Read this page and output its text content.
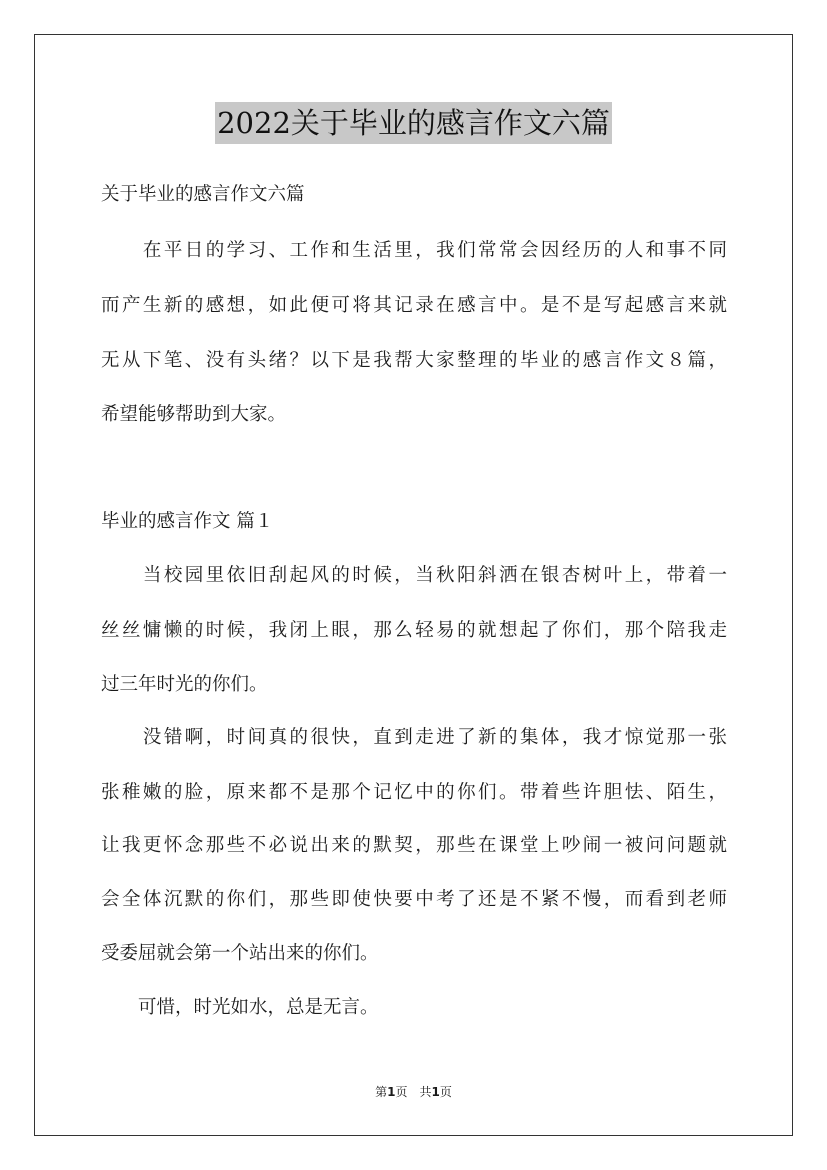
2022关于毕业的感言作文六篇
关于毕业的感言作文六篇
　　在平日的学习、工作和生活里，我们常常会因经历的人和事不同
而产生新的感想，如此便可将其记录在感言中。是不是写起感言来就
无从下笔、没有头绪？以下是我帮大家整理的毕业的感言作文８篇，
希望能够帮助到大家。
毕业的感言作文 篇１
　　当校园里依旧刮起风的时候，当秋阳斜洒在银杏树叶上，带着一
丝丝慵懒的时候，我闭上眼，那么轻易的就想起了你们，那个陪我走
过三年时光的你们。
　　没错啊，时间真的很快，直到走进了新的集体，我才惊觉那一张
张稚嫩的脸，原来都不是那个记忆中的你们。带着些许胆怯、陌生，
让我更怀念那些不必说出来的默契，那些在课堂上吵闹一被问问题就
会全体沉默的你们，那些即使快要中考了还是不紧不慢，而看到老师
受委屈就会第一个站出来的你们。
　　可惜，时光如水，总是无言。
第1页　共1页
